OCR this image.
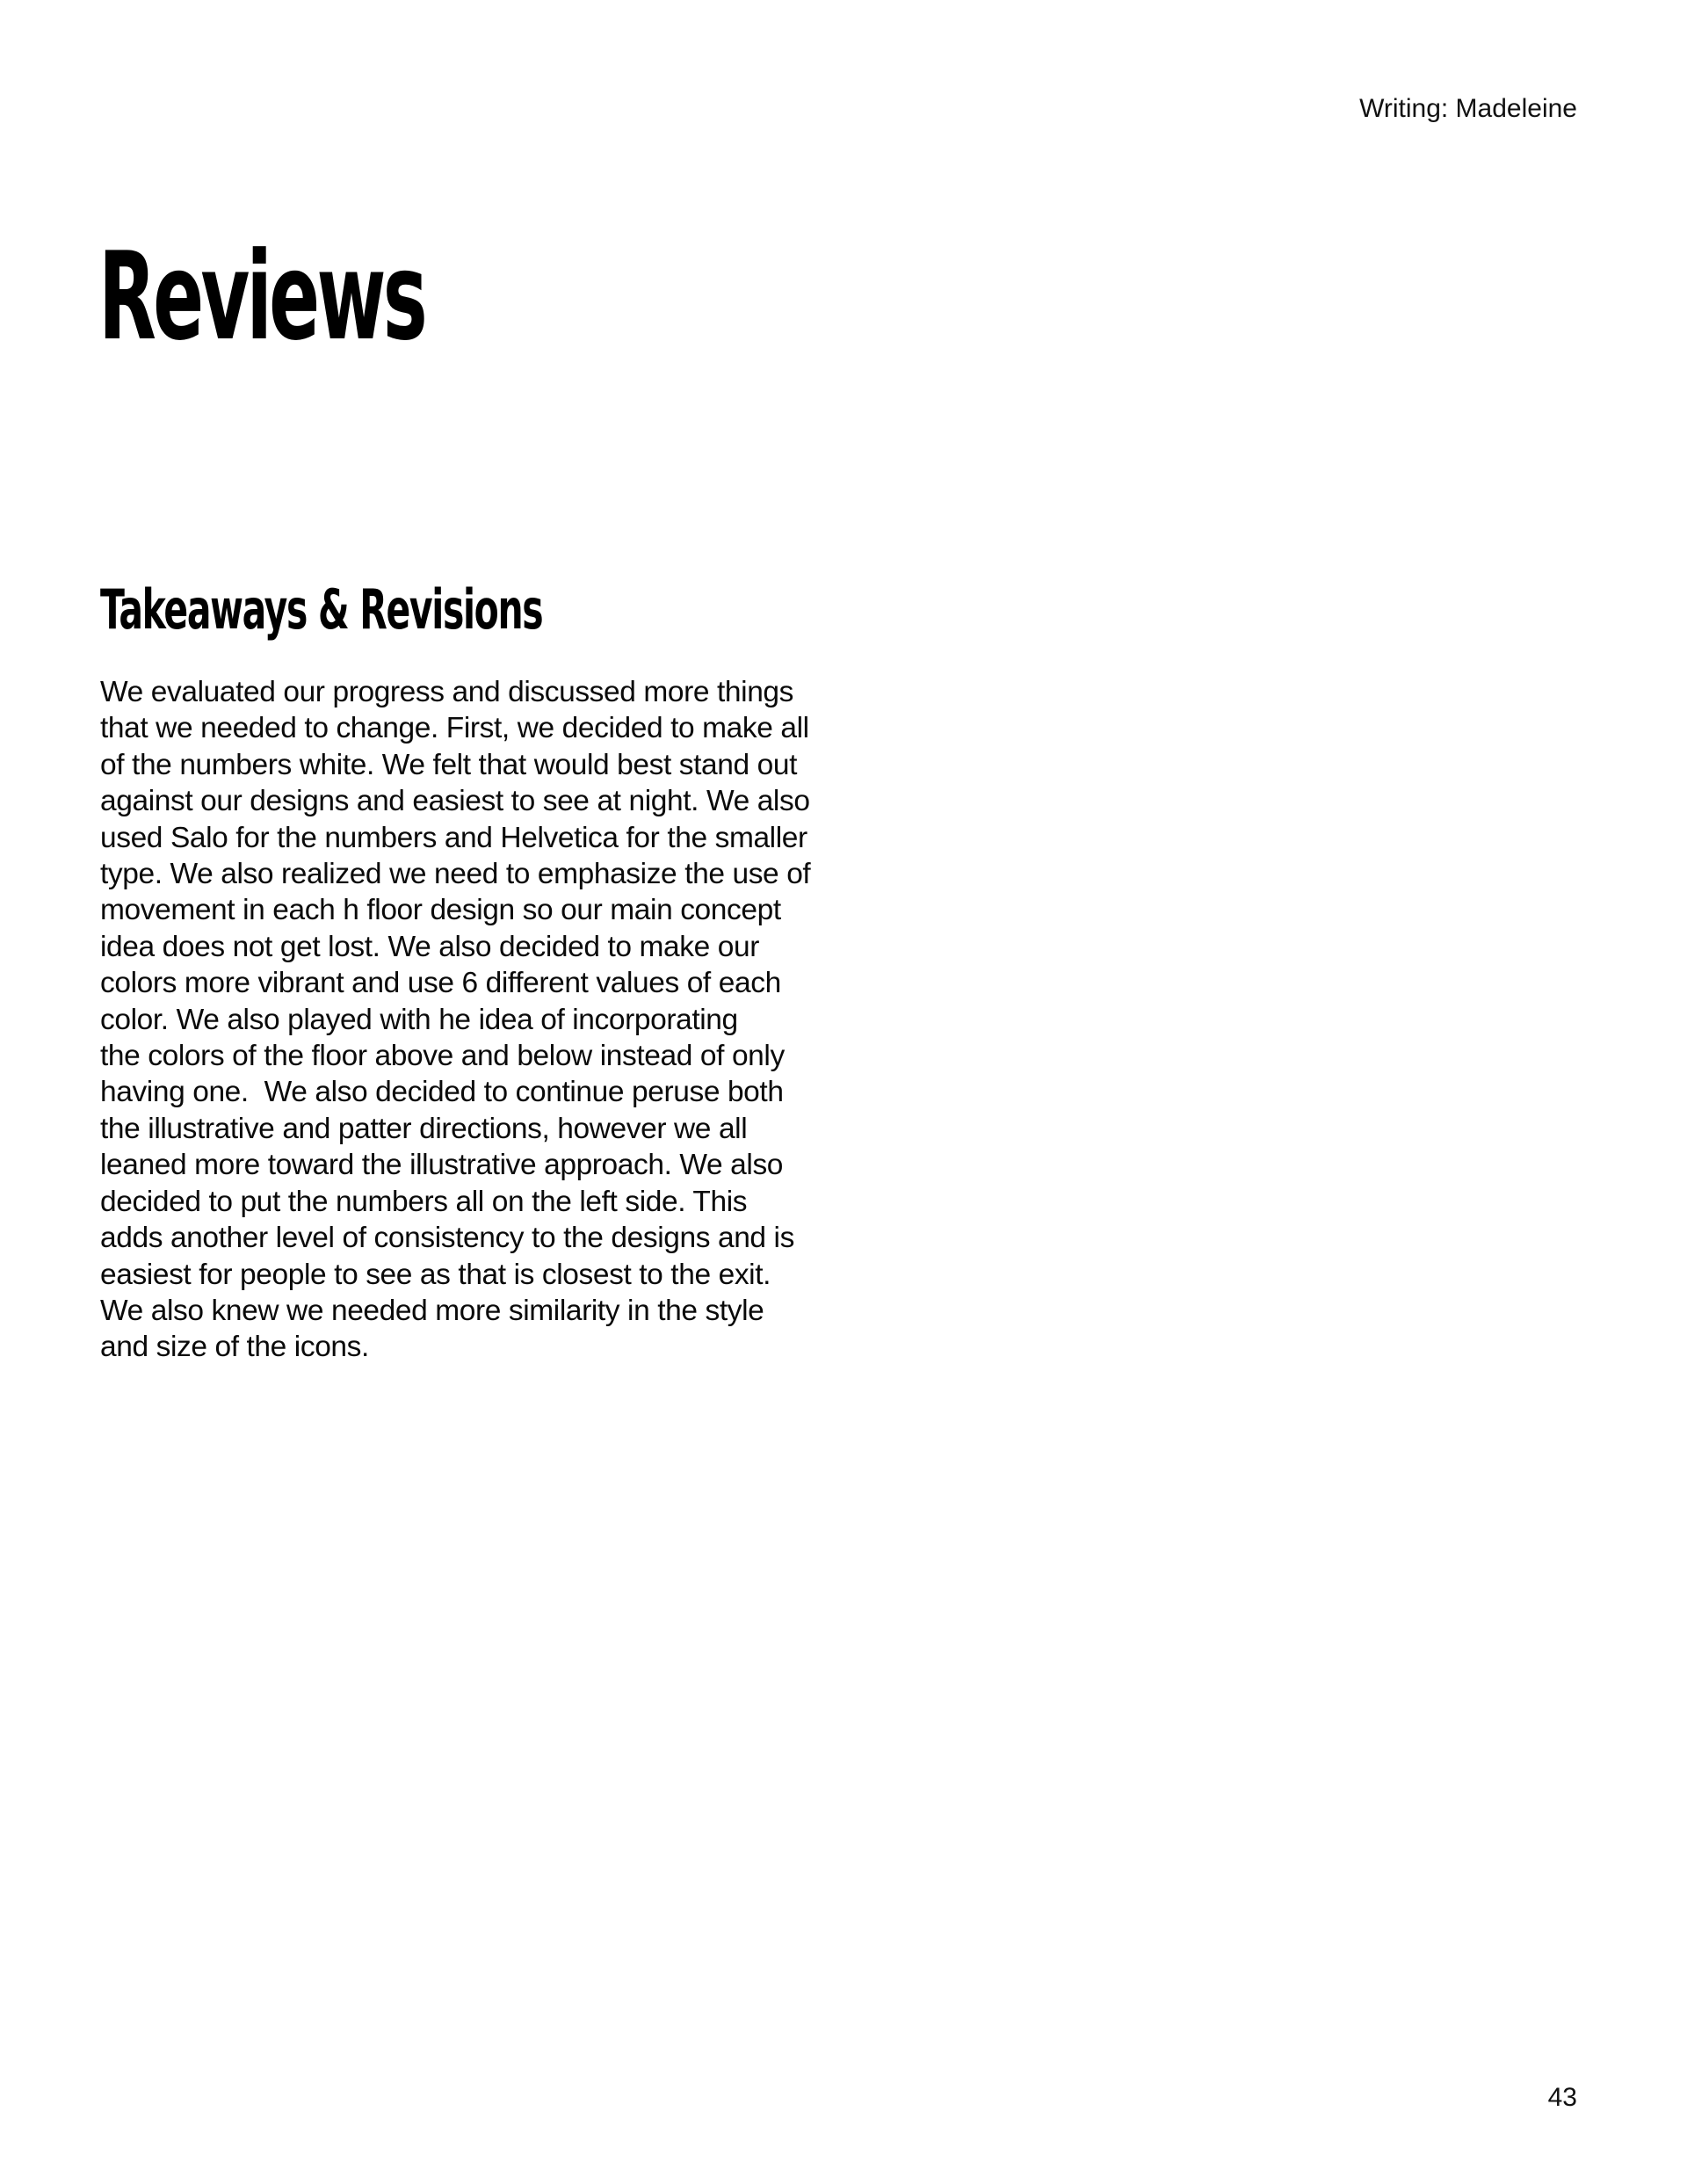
Writing: Madeleine
Reviews
Takeaways & Revisions
We evaluated our progress and discussed more things
that we needed to change. First, we decided to make all
of the numbers white. We felt that would best stand out
against our designs and easiest to see at night. We also
used Salo for the numbers and Helvetica for the smaller
type. We also realized we need to emphasize the use of
movement in each h floor design so our main concept
idea does not get lost. We also decided to make our
colors more vibrant and use 6 different values of each
color. We also played with he idea of incorporating
the colors of the floor above and below instead of only
having one.  We also decided to continue peruse both
the illustrative and patter directions, however we all
leaned more toward the illustrative approach. We also
decided to put the numbers all on the left side. This
adds another level of consistency to the designs and is
easiest for people to see as that is closest to the exit.
We also knew we needed more similarity in the style
and size of the icons.
43
